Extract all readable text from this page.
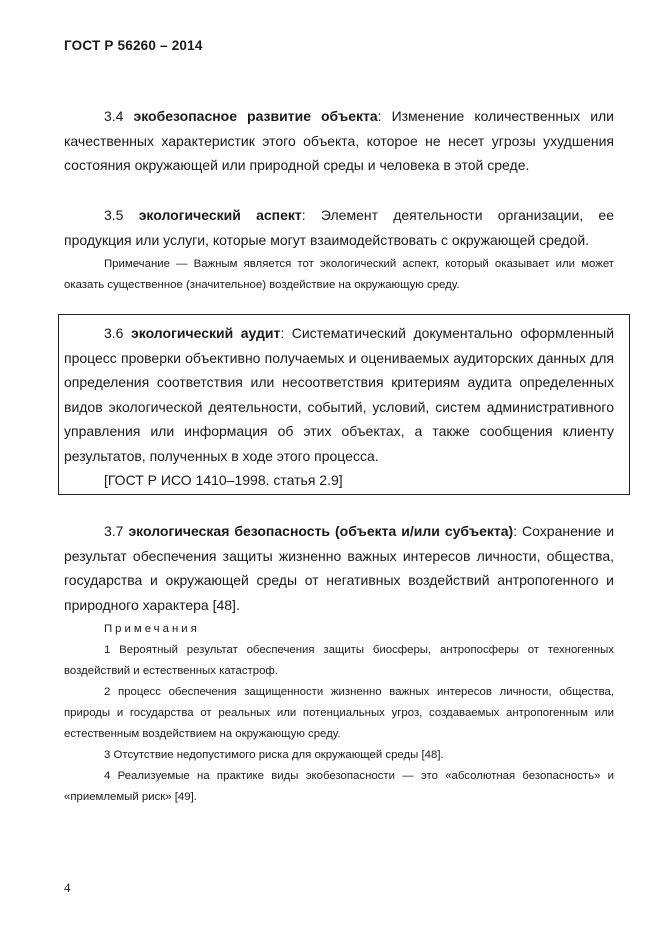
ГОСТ Р 56260 – 2014

3.4 экобезопасное развитие объекта: Изменение количественных или качественных характеристик этого объекта, которое не несет угрозы ухудшения состояния окружающей или природной среды и человека в этой среде.

3.5 экологический аспект: Элемент деятельности организации, ее продукция или услуги, которые могут взаимодействовать с окружающей средой.

Примечание — Важным является тот экологический аспект, который оказывает или может оказать существенное (значительное) воздействие на окружающую среду.

3.6 экологический аудит: Систематический документально оформленный процесс проверки объективно получаемых и оцениваемых аудиторских данных для определения соответствия или несоответствия критериям аудита определенных видов экологической деятельности, событий, условий, систем административного управления или информация об этих объектах, а также сообщения клиенту результатов, полученных в ходе этого процесса.

[ГОСТ Р ИСО 1410–1998. статья 2.9]

3.7 экологическая безопасность (объекта и/или субъекта): Сохранение и результат обеспечения защиты жизненно важных интересов личности, общества, государства и окружающей среды от негативных воздействий антропогенного и природного характера [48].

Примечания

1 Вероятный результат обеспечения защиты биосферы, антропосферы от техногенных воздействий и естественных катастроф.

2 процесс обеспечения защищенности жизненно важных интересов личности, общества, природы и государства от реальных или потенциальных угроз, создаваемых антропогенным или естественным воздействием на окружающую среду.

3 Отсутствие недопустимого риска для окружающей среды [48].

4 Реализуемые на практике виды экобезопасности — это «абсолютная безопасность» и «приемлемый риск» [49].

4
